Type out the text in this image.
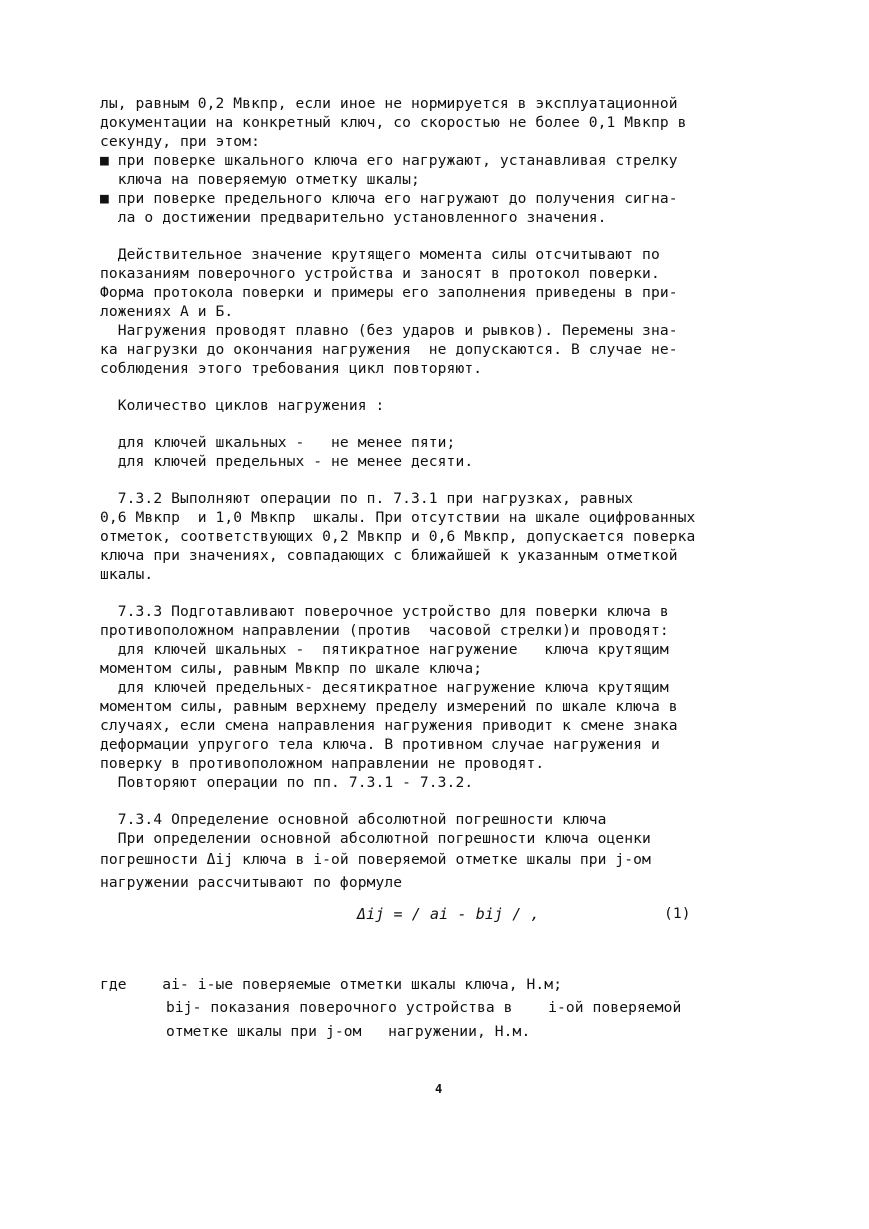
лы, равным 0,2 Мвкпр, если иное не нормируется в эксплуатационной
документации на конкретный ключ, со скоростью не более 0,1 Мвкпр в
секунду, при этом:
■ при поверке шкального ключа его нагружают, устанавливая стрелку
ключа на поверяемую отметку шкалы;
■ при поверке предельного ключа его нагружают до получения сигна-
ла о достижении предварительно установленного значения.
Действительное значение крутящего момента силы отсчитывают по
показаниям поверочного устройства и заносят в протокол поверки.
Форма протокола поверки и примеры его заполнения приведены в при-
ложениях А и Б.
Нагружения проводят плавно (без ударов и рывков). Перемены зна-
ка нагрузки до окончания нагружения  не допускаются. В случае не-
соблюдения этого требования цикл повторяют.
Количество циклов нагружения :
для ключей шкальных -   не менее пяти;
для ключей предельных - не менее десяти.
7.3.2 Выполняют операции по п. 7.3.1 при нагрузках, равных
0,6 Мвкпр  и 1,0 Мвкпр  шкалы. При отсутствии на шкале оцифрованных
отметок, соответствующих 0,2 Мвкпр и 0,6 Мвкпр, допускается поверка
ключа при значениях, совпадающих с ближайшей к указанным отметкой
шкалы.
7.3.3 Подготавливают поверочное устройство для поверки ключа в
противоположном направлении (против  часовой стрелки)и проводят:
для ключей шкальных -  пятикратное нагружение   ключа крутящим
моментом силы, равным Мвкпр по шкале ключа;
для ключей предельных- десятикратное нагружение ключа крутящим
моментом силы, равным верхнему пределу измерений по шкале ключа в
случаях, если смена направления нагружения приводит к смене знака
деформации упругого тела ключа. В противном случае нагружения и
поверку в противоположном направлении не проводят.
Повторяют операции по пп. 7.3.1 - 7.3.2.
7.3.4 Определение основной абсолютной погрешности ключа
При определении основной абсолютной погрешности ключа оценки
погрешности Δij ключа в i-ой поверяемой отметке шкалы при j-ом
нагружении рассчитывают по формуле
Δij = / ai - bij / ,	(1)
где    ai- i-ые поверяемые отметки шкалы ключа, Н.м;
bij- показания поверочного устройства в    i-ой поверяемой
отметке шкалы при j-ом   нагружении, Н.м.
4
